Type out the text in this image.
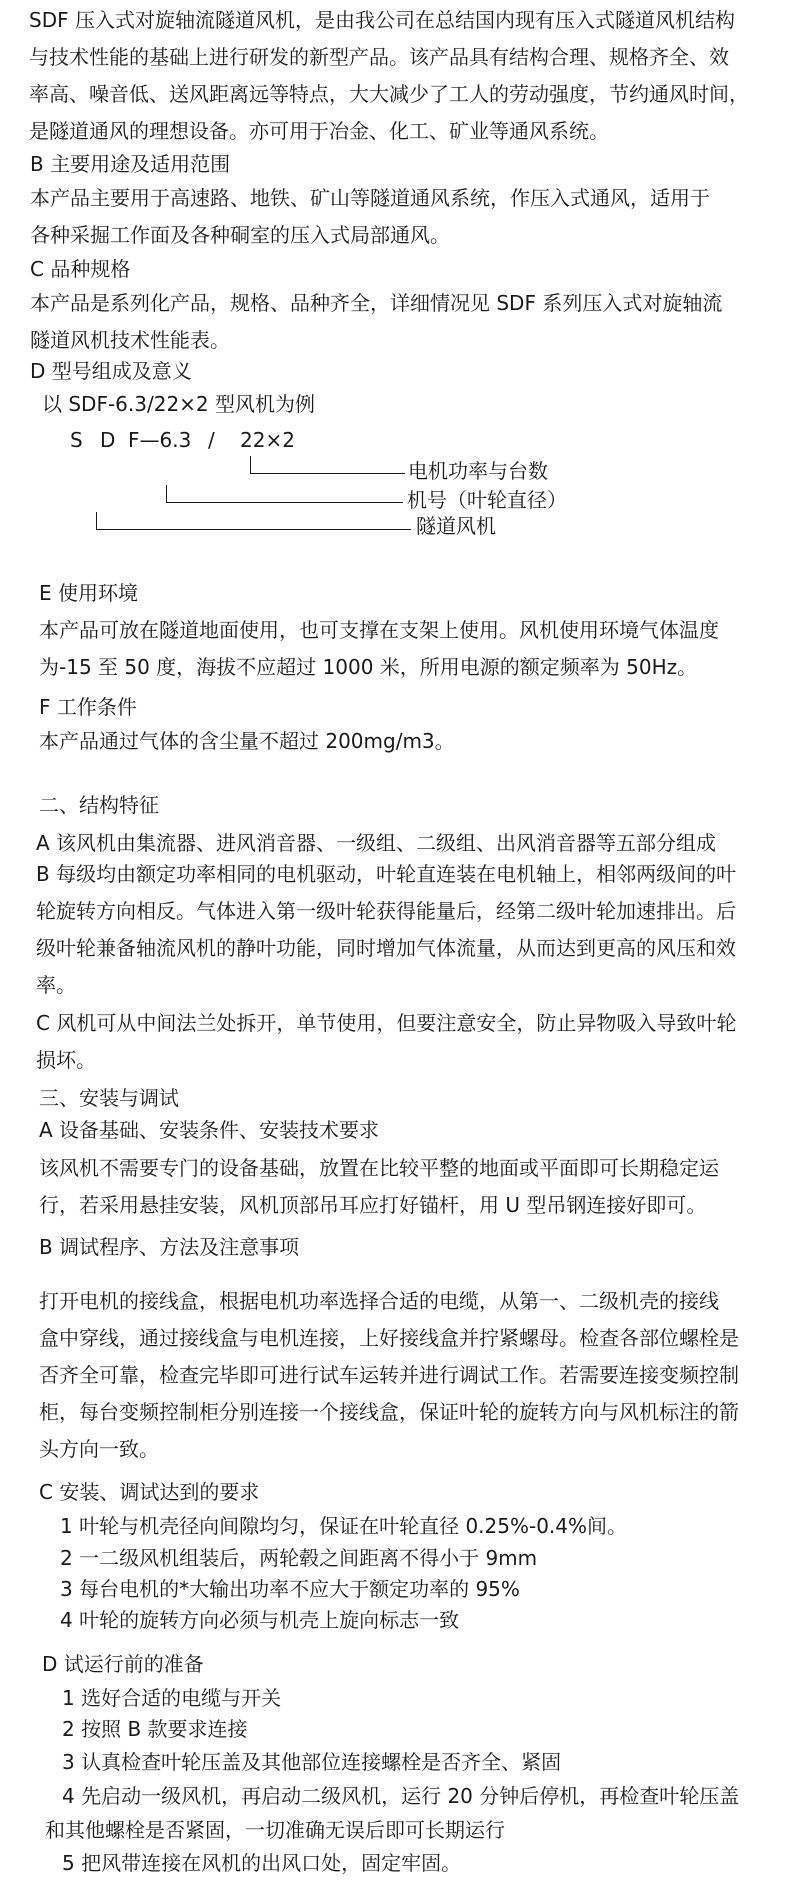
SDF 压入式对旋轴流隧道风机，是由我公司在总结国内现有压入式隧道风机结构

与技术性能的基础上进行研发的新型产品。该产品具有结构合理、规格齐全、效

率高、噪音低、送风距离远等特点，大大减少了工人的劳动强度，节约通风时间，

是隧道通风的理想设备。亦可用于冶金、化工、矿业等通风系统。

B 主要用途及适用范围

本产品主要用于高速路、地铁、矿山等隧道通风系统，作压入式通风，适用于

各种采掘工作面及各种硐室的压入式局部通风。

C 品种规格

本产品是系列化产品，规格、品种齐全，详细情况见 SDF 系列压入式对旋轴流

隧道风机技术性能表。

D 型号组成及意义

以 SDF-6.3/22×2 型风机为例

S D F—6.3 / 22×2
电机功率与台数
机号（叶轮直径）
隧道风机

E 使用环境

本产品可放在隧道地面使用，也可支撑在支架上使用。风机使用环境气体温度

为-15 至 50 度，海拔不应超过 1000 米，所用电源的额定频率为 50Hz。

F 工作条件

本产品通过气体的含尘量不超过 200mg/m3。

二、结构特征

A 该风机由集流器、进风消音器、一级组、二级组、出风消音器等五部分组成

B 每级均由额定功率相同的电机驱动，叶轮直连装在电机轴上，相邻两级间的叶

轮旋转方向相反。气体进入第一级叶轮获得能量后，经第二级叶轮加速排出。后

级叶轮兼备轴流风机的静叶功能，同时增加气体流量，从而达到更高的风压和效

率。

C 风机可从中间法兰处拆开，单节使用，但要注意安全，防止异物吸入导致叶轮

损坏。

三、安装与调试

A 设备基础、安装条件、安装技术要求

该风机不需要专门的设备基础，放置在比较平整的地面或平面即可长期稳定运

行，若采用悬挂安装，风机顶部吊耳应打好锚杆，用 U 型吊钢连接好即可。

B 调试程序、方法及注意事项

打开电机的接线盒，根据电机功率选择合适的电缆，从第一、二级机壳的接线

盒中穿线，通过接线盒与电机连接，上好接线盒并拧紧螺母。检查各部位螺栓是

否齐全可靠，检查完毕即可进行试车运转并进行调试工作。若需要连接变频控制

柜，每台变频控制柜分别连接一个接线盒，保证叶轮的旋转方向与风机标注的箭

头方向一致。

C 安装、调试达到的要求

1 叶轮与机壳径向间隙均匀，保证在叶轮直径 0.25%-0.4%间。

2 一二级风机组装后，两轮毂之间距离不得小于 9mm

3 每台电机的*大输出功率不应大于额定功率的 95%

4 叶轮的旋转方向必须与机壳上旋向标志一致

D 试运行前的准备

1 选好合适的电缆与开关

2 按照 B 款要求连接

3 认真检查叶轮压盖及其他部位连接螺栓是否齐全、紧固

4 先启动一级风机，再启动二级风机，运行 20 分钟后停机，再检查叶轮压盖

和其他螺栓是否紧固，一切准确无误后即可长期运行

5 把风带连接在风机的出风口处，固定牢固。
